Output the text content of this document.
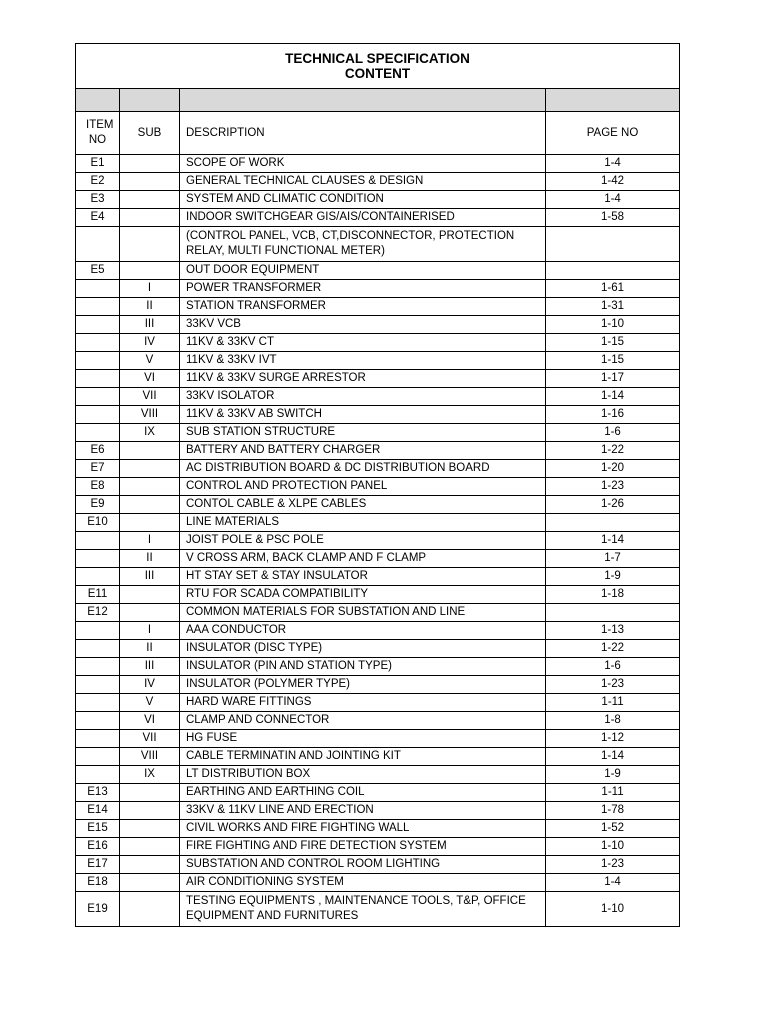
TECHNICAL SPECIFICATION
CONTENT			

ITEM NO	SUB	DESCRIPTION	PAGE NO
E1		SCOPE OF WORK	1-4
E2		GENERAL TECHNICAL CLAUSES & DESIGN	1-42
E3		SYSTEM AND CLIMATIC CONDITION	1-4
E4		INDOOR SWITCHGEAR GIS/AIS/CONTAINERISED	1-58
		(CONTROL PANEL, VCB, CT,DISCONNECTOR, PROTECTION RELAY, MULTI FUNCTIONAL METER)	
E5		OUT DOOR EQUIPMENT	
	I	POWER TRANSFORMER	1-61
	II	STATION TRANSFORMER	1-31
	III	33KV VCB	1-10
	IV	11KV & 33KV CT	1-15
	V	11KV & 33KV IVT	1-15
	VI	11KV & 33KV SURGE ARRESTOR	1-17
	VII	33KV ISOLATOR	1-14
	VIII	11KV & 33KV AB SWITCH	1-16
	IX	SUB STATION STRUCTURE	1-6
E6		BATTERY AND BATTERY CHARGER	1-22
E7		AC DISTRIBUTION BOARD & DC DISTRIBUTION BOARD	1-20
E8		CONTROL AND PROTECTION PANEL	1-23
E9		CONTOL CABLE & XLPE CABLES	1-26
E10		LINE MATERIALS	
	I	JOIST POLE & PSC POLE	1-14
	II	V CROSS ARM, BACK CLAMP AND F CLAMP	1-7
	III	HT STAY SET & STAY INSULATOR	1-9
E11		RTU FOR SCADA COMPATIBILITY	1-18
E12		COMMON MATERIALS FOR SUBSTATION AND LINE	
	I	AAA CONDUCTOR	1-13
	II	INSULATOR (DISC TYPE)	1-22
	III	INSULATOR (PIN AND STATION TYPE)	1-6
	IV	INSULATOR (POLYMER TYPE)	1-23
	V	HARD WARE FITTINGS	1-11
	VI	CLAMP AND CONNECTOR	1-8
	VII	HG FUSE	1-12
	VIII	CABLE TERMINATIN AND JOINTING KIT	1-14
	IX	LT DISTRIBUTION BOX	1-9
E13		EARTHING AND EARTHING COIL	1-11
E14		33KV & 11KV LINE AND ERECTION	1-78
E15		CIVIL WORKS AND FIRE FIGHTING WALL	1-52
E16		FIRE FIGHTING AND FIRE DETECTION SYSTEM	1-10
E17		SUBSTATION AND CONTROL ROOM LIGHTING	1-23
E18		AIR CONDITIONING SYSTEM	1-4
E19		TESTING EQUIPMENTS , MAINTENANCE TOOLS, T&P, OFFICE EQUIPMENT AND FURNITURES	1-10
